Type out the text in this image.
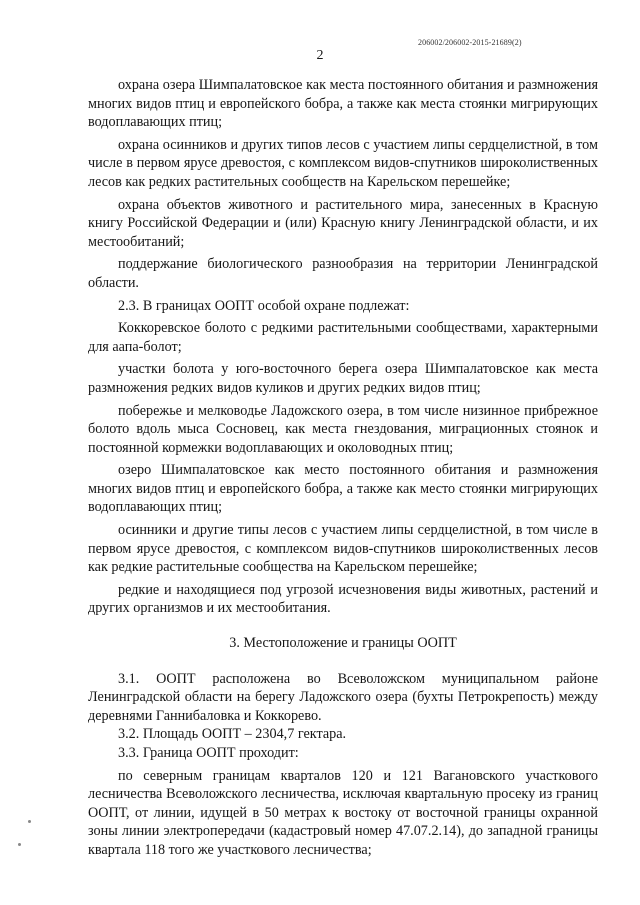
206002/206002-2015-21689(2)
2

охрана озера Шимпалатовское как места постоянного обитания и размножения многих видов птиц и европейского бобра, а также как места стоянки мигрирующих водоплавающих птиц;

охрана осинников и других типов лесов с участием липы сердцелистной, в том числе в первом ярусе древостоя, с комплексом видов-спутников широколиственных лесов как редких растительных сообществ на Карельском перешейке;

охрана объектов животного и растительного мира, занесенных в Красную книгу Российской Федерации и (или) Красную книгу Ленинградской области, и их местообитаний;

поддержание биологического разнообразия на территории Ленинградской области.

2.3. В границах ООПТ особой охране подлежат:

Коккоревское болото с редкими растительными сообществами, характерными для аапа-болот;

участки болота у юго-восточного берега озера Шимпалатовское как места размножения редких видов куликов и других редких видов птиц;

побережье и мелководье Ладожского озера, в том числе низинное прибрежное болото вдоль мыса Сосновец, как места гнездования, миграционных стоянок и постоянной кормежки водоплавающих и околоводных птиц;

озеро Шимпалатовское как место постоянного обитания и размножения многих видов птиц и европейского бобра, а также как место стоянки мигрирующих водоплавающих птиц;

осинники и другие типы лесов с участием липы сердцелистной, в том числе в первом ярусе древостоя, с комплексом видов-спутников широколиственных лесов как редкие растительные сообщества на Карельском перешейке;

редкие и находящиеся под угрозой исчезновения виды животных, растений и других организмов и их местообитания.

3. Местоположение и границы ООПТ

3.1. ООПТ расположена во Всеволожском муниципальном районе Ленинградской области на берегу Ладожского озера (бухты Петрокрепость) между деревнями Ганнибаловка и Коккорево.

3.2. Площадь ООПТ – 2304,7 гектара.

3.3. Граница ООПТ проходит:

по северным границам кварталов 120 и 121 Вагановского участкового лесничества Всеволожского лесничества, исключая квартальную просеку из границ ООПТ, от линии, идущей в 50 метрах к востоку от восточной границы охранной зоны линии электропередачи (кадастровый номер 47.07.2.14), до западной границы квартала 118 того же участкового лесничества;
